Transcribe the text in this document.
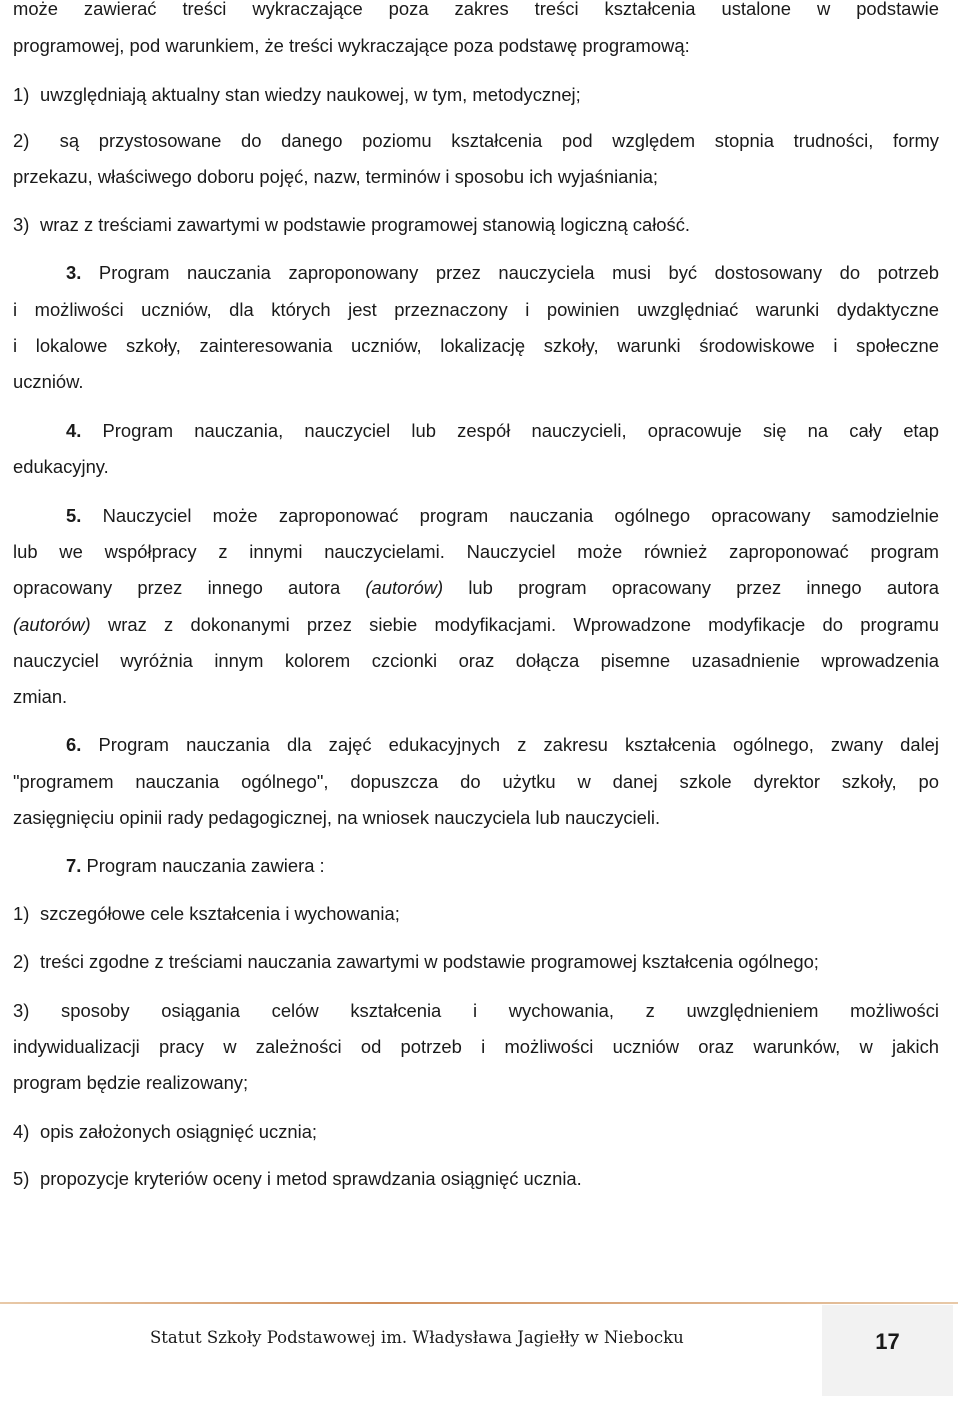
może zawierać treści wykraczające poza zakres treści kształcenia ustalone w podstawie
programowej, pod warunkiem, że treści wykraczające poza podstawę programową:
1) uwzględniają aktualny stan wiedzy naukowej, w tym, metodycznej;
2) są przystosowane do danego poziomu kształcenia pod względem stopnia trudności, formy
przekazu, właściwego doboru pojęć, nazw, terminów i sposobu ich wyjaśniania;
3) wraz z treściami zawartymi w podstawie programowej stanowią logiczną całość.
3. Program nauczania zaproponowany przez nauczyciela musi być dostosowany do potrzeb
i możliwości uczniów, dla których jest przeznaczony i powinien uwzględniać warunki dydaktyczne
i lokalowe szkoły, zainteresowania uczniów, lokalizację szkoły, warunki środowiskowe i społeczne
uczniów.
4. Program nauczania, nauczyciel lub zespół nauczycieli, opracowuje się na cały etap
edukacyjny.
5. Nauczyciel może zaproponować program nauczania ogólnego opracowany samodzielnie
lub we współpracy z innymi nauczycielami. Nauczyciel może również zaproponować program
opracowany przez innego autora (autorów) lub program opracowany przez innego autora
(autorów) wraz z dokonanymi przez siebie modyfikacjami. Wprowadzone modyfikacje do programu
nauczyciel wyróżnia innym kolorem czcionki oraz dołącza pisemne uzasadnienie wprowadzenia
zmian.
6. Program nauczania dla zajęć edukacyjnych z zakresu kształcenia ogólnego, zwany dalej
"programem nauczania ogólnego", dopuszcza do użytku w danej szkole dyrektor szkoły, po
zasięgnięciu opinii rady pedagogicznej, na wniosek nauczyciela lub nauczycieli.
7. Program nauczania zawiera :
1) szczegółowe cele kształcenia i wychowania;
2) treści zgodne z treściami nauczania zawartymi w podstawie programowej kształcenia ogólnego;
3) sposoby osiągania celów kształcenia i wychowania, z uwzględnieniem możliwości
indywidualizacji pracy w zależności od potrzeb i możliwości uczniów oraz warunków, w jakich
program będzie realizowany;
4) opis założonych osiągnięć ucznia;
5) propozycje kryteriów oceny i metod sprawdzania osiągnięć ucznia.
Statut Szkoły Podstawowej im. Władysława Jagiełły w Niebocku	17
